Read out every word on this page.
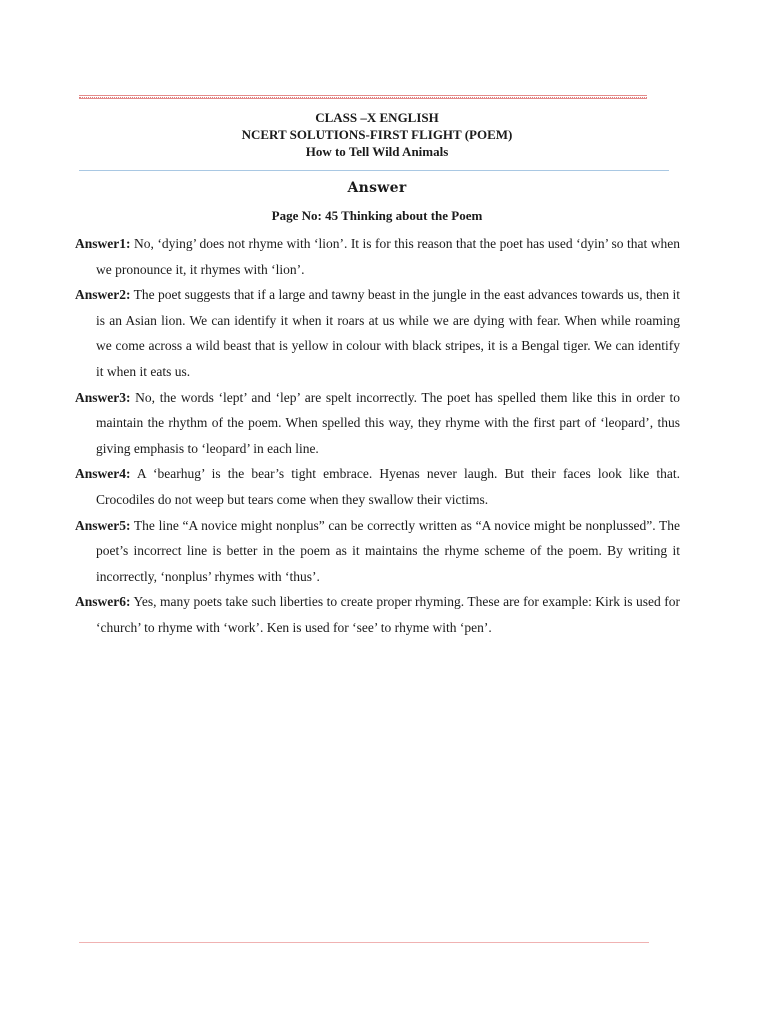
CLASS –X ENGLISH
NCERT SOLUTIONS-FIRST FLIGHT (POEM)
How to Tell Wild Animals
Answer
Page No: 45 Thinking about the Poem

Answer1: No, ‘dying’ does not rhyme with ‘lion’. It is for this reason that the poet has used ‘dyin’ so that when we pronounce it, it rhymes with ‘lion’.

Answer2: The poet suggests that if a large and tawny beast in the jungle in the east advances towards us, then it is an Asian lion. We can identify it when it roars at us while we are dying with fear. When while roaming we come across a wild beast that is yellow in colour with black stripes, it is a Bengal tiger. We can identify it when it eats us.

Answer3: No, the words ‘lept’ and ‘lep’ are spelt incorrectly. The poet has spelled them like this in order to maintain the rhythm of the poem. When spelled this way, they rhyme with the first part of ‘leopard’, thus giving emphasis to ‘leopard’ in each line.

Answer4: A ‘bearhug’ is the bear’s tight embrace. Hyenas never laugh. But their faces look like that. Crocodiles do not weep but tears come when they swallow their victims.

Answer5: The line “A novice might nonplus” can be correctly written as “A novice might be nonplussed”. The poet’s incorrect line is better in the poem as it maintains the rhyme scheme of the poem. By writing it incorrectly, ‘nonplus’ rhymes with ‘thus’.

Answer6: Yes, many poets take such liberties to create proper rhyming. These are for example: Kirk is used for ‘church’ to rhyme with ‘work’. Ken is used for ‘see’ to rhyme with ‘pen’.
